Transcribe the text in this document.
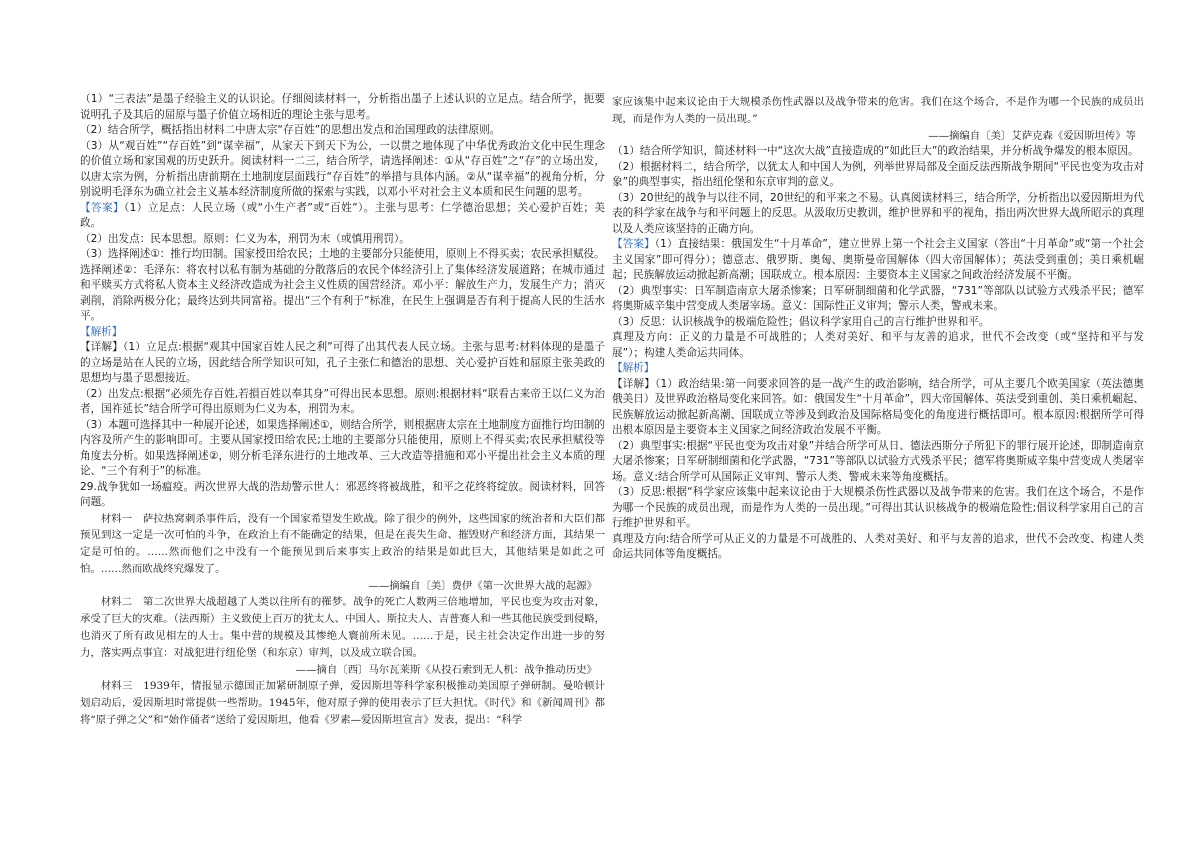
（1）“三表法”是墨子经验主义的认识论。仔细阅读材料一，分析指出墨子上述认识的立足点。结合所学，扼要说明孔子及其后的屈原与墨子价值立场相近的理论主张与思考。

（2）结合所学，概括指出材料二中唐太宗“存百姓”的思想出发点和治国理政的法律原则。

（3）从“观百姓”“存百姓”到“谋幸福”，从家天下到天下为公，一以贯之地体现了中华优秀政治文化中民生理念的价值立场和家国观的历史跃升。阅读材料一二三，结合所学，请选择阐述：①从“存百姓”之“存”的立场出发，以唐太宗为例，分析指出唐前期在土地制度层面践行“存百姓”的举措与具体内涵。②从“谋幸福”的视角分析，分别说明毛泽东为确立社会主义基本经济制度所做的探索与实践，以邓小平对社会主义本质和民生问题的思考。

【答案】（1）立足点：人民立场（或“小生产者”或“百姓”）。主张与思考：仁学德治思想；关心爱护百姓；美政。

（2）出发点：民本思想。原则：仁义为本，刑罚为末（或慎用刑罚）。

（3）选择阐述①：推行均田制。国家授田给农民；土地的主要部分只能使用，原则上不得买卖；农民承担赋役。

选择阐述②：毛泽东：将农村以私有制为基础的分散落后的农民个体经济引上了集体经济发展道路；在城市通过和平赎买方式将私人资本主义经济改造成为社会主义性质的国营经济。邓小平：解放生产力，发展生产力；消灭剥削，消除两极分化；最终达到共同富裕。提出“三个有利于”标准，在民生上强调是否有利于提高人民的生活水平。

【解析】

【详解】（1）立足点:根据“观其中国家百姓人民之利”可得了出其代表人民立场。主张与思考:材料体现的是墨子的立场是站在人民的立场，因此结合所学知识可知，孔子主张仁和德治的思想、关心爱护百姓和屈原主张美政的思想均与墨子思想接近。

（2）出发点:根据“必须先存百姓,若損百姓以奉其身”可得出民本思想。原则:根据材料“联看古来帝王以仁义为治者，国祚延长”结合所学可得出原则为仁义为本，刑罚为末。

（3）本题可选择其中一种展开论述，如果选择阐述①，则结合所学，则根据唐太宗在土地制度方面推行均田制的内容及所产生的影响即可。主要从国家授田给农民;土地的主要部分只能使用，原则上不得买卖;农民承担赋役等角度去分析。如果选择阐述②，则分析毛泽东进行的土地改革、三大改造等措施和邓小平提出社会主义本质的理论、“三个有利于”的标准。

29.战争犹如一场瘟疫。两次世界大战的浩劫警示世人：邪恶终将被战胜，和平之花终将绽放。阅读材料，回答问题。

材料一　萨拉热窝刺杀事件后，没有一个国家希望发生欧战。除了很少的例外，这些国家的统治者和大臣们都预见到这一定是一次可怕的斗争，在政治上有不能确定的结果，但是在丧失生命、摧毁财产和经济方面，其结果一定是可怕的。……然而他们之中没有一个能预见到后来事实上政治的结果是如此巨大，其他结果是如此之可怕。……然而欧战终究爆发了。

——摘编自〔美〕费伊《第一次世界大战的起源》

材料二　第二次世界大战超越了人类以往所有的罹梦。战争的死亡人数两三倍地增加，平民也变为攻击对象，承受了巨大的灾难。（法西斯）主义致使上百万的犹太人、中国人、斯拉夫人、吉普赛人和一些其他民族受到侵略，也消灭了所有政见相左的人士。集中营的规模及其惨绝人寰前所未见。……于是，民主社会决定作出进一步的努力，落实两点事宜：对战犯进行纽伦堡（和东京）审判，以及成立联合国。

——摘自〔西〕马尔瓦莱斯《从投石索到无人机：战争推动历史》

材料三　1939年，情报显示德国正加紧研制原子弹，爱因斯坦等科学家积极推动美国原子弹研制。曼哈顿计划启动后，爱因斯坦时常提供一些帮助。1945年，他对原子弹的使用表示了巨大担忧。《时代》和《新闻周刊》都将“原子弹之父”和“始作俑者”送给了爱因斯坦，他看《罗素—爱因斯坦宣言》发表，提出：“科学

家应该集中起来议论由于大规模杀伤性武器以及战争带来的危害。我们在这个场合，不是作为哪一个民族的成员出现，而是作为人类的一员出现。”

——摘编自〔美〕艾萨克森《爱因斯坦传》等

（1）结合所学知识，简述材料一中“这次大战”直接造成的“如此巨大”的政治结果，并分析战争爆发的根本原因。

（2）根据材料二，结合所学，以犹太人和中国人为例，列举世界局部及全面反法西斯战争期间“平民也变为攻击对象”的典型事实，指出纽伦堡和东京审判的意义。

（3）20世纪的战争与以往不同，20世纪的和平来之不易。认真阅读材料三，结合所学，分析指出以爱因斯坦为代表的科学家在战争与和平问题上的反思。从汲取历史教训，维护世界和平的视角，指出两次世界大战所昭示的真理以及人类应该坚持的正确方向。

【答案】（1）直接结果：俄国发生“十月革命”，建立世界上第一个社会主义国家（答出“十月革命”或“第一个社会主义国家”即可得分）；德意志、俄罗斯、奥匈、奥斯曼帝国解体（四大帝国解体）；英法受到重创；美日乘机崛起；民族解放运动掀起新高潮；国联成立。根本原因：主要资本主义国家之间政治经济发展不平衡。

（2）典型事实：日军制造南京大屠杀惨案；日军研制细菌和化学武器，“731”等部队以试验方式残杀平民；德军将奥斯威辛集中营变成人类屠宰场。意义：国际性正义审判；警示人类，警戒未来。

（3）反思：认识核战争的极端危险性；倡议科学家用自己的言行维护世界和平。

真理及方向：正义的力量是不可战胜的；人类对美好、和平与友善的追求，世代不会改变（或“坚持和平与发展”）；构建人类命运共同体。

【解析】

【详解】（1）政治结果:第一问要求回答的是一战产生的政治影响，结合所学，可从主要几个欧美国家（英法德奥俄美日）及世界政治格局变化来回答。如：俄国发生“十月革命”，四大帝国解体、英法受到重创、美日乘机崛起、民族解放运动掀起新高潮、国联成立等涉及到政治及国际格局变化的角度进行概括即可。根本原因:根据所学可得出根本原因是主要资本主义国家之间经济政治发展不平衡。

（2）典型事实:根据“平民也变为攻击对象”并结合所学可从日、德法西斯分子所犯下的罪行展开论述，即制造南京大屠杀惨案；日军研制细菌和化学武器，“731”等部队以试验方式残杀平民；德军将奥斯威辛集中营变成人类屠宰场。意义:结合所学可从国际正义审判、警示人类、警戒未来等角度概括。

（3）反思:根据“科学家应该集中起来议论由于大规模杀伤性武器以及战争带来的危害。我们在这个场合，不是作为哪一个民族的成员出现，而是作为人类的一员出现。”可得出其认识核战争的极端危险性;倡议科学家用自己的言行维护世界和平。

真理及方向:结合所学可从正义的力量是不可战胜的、人类对美好、和平与友善的追求，世代不会改变、构建人类命运共同体等角度概括。
